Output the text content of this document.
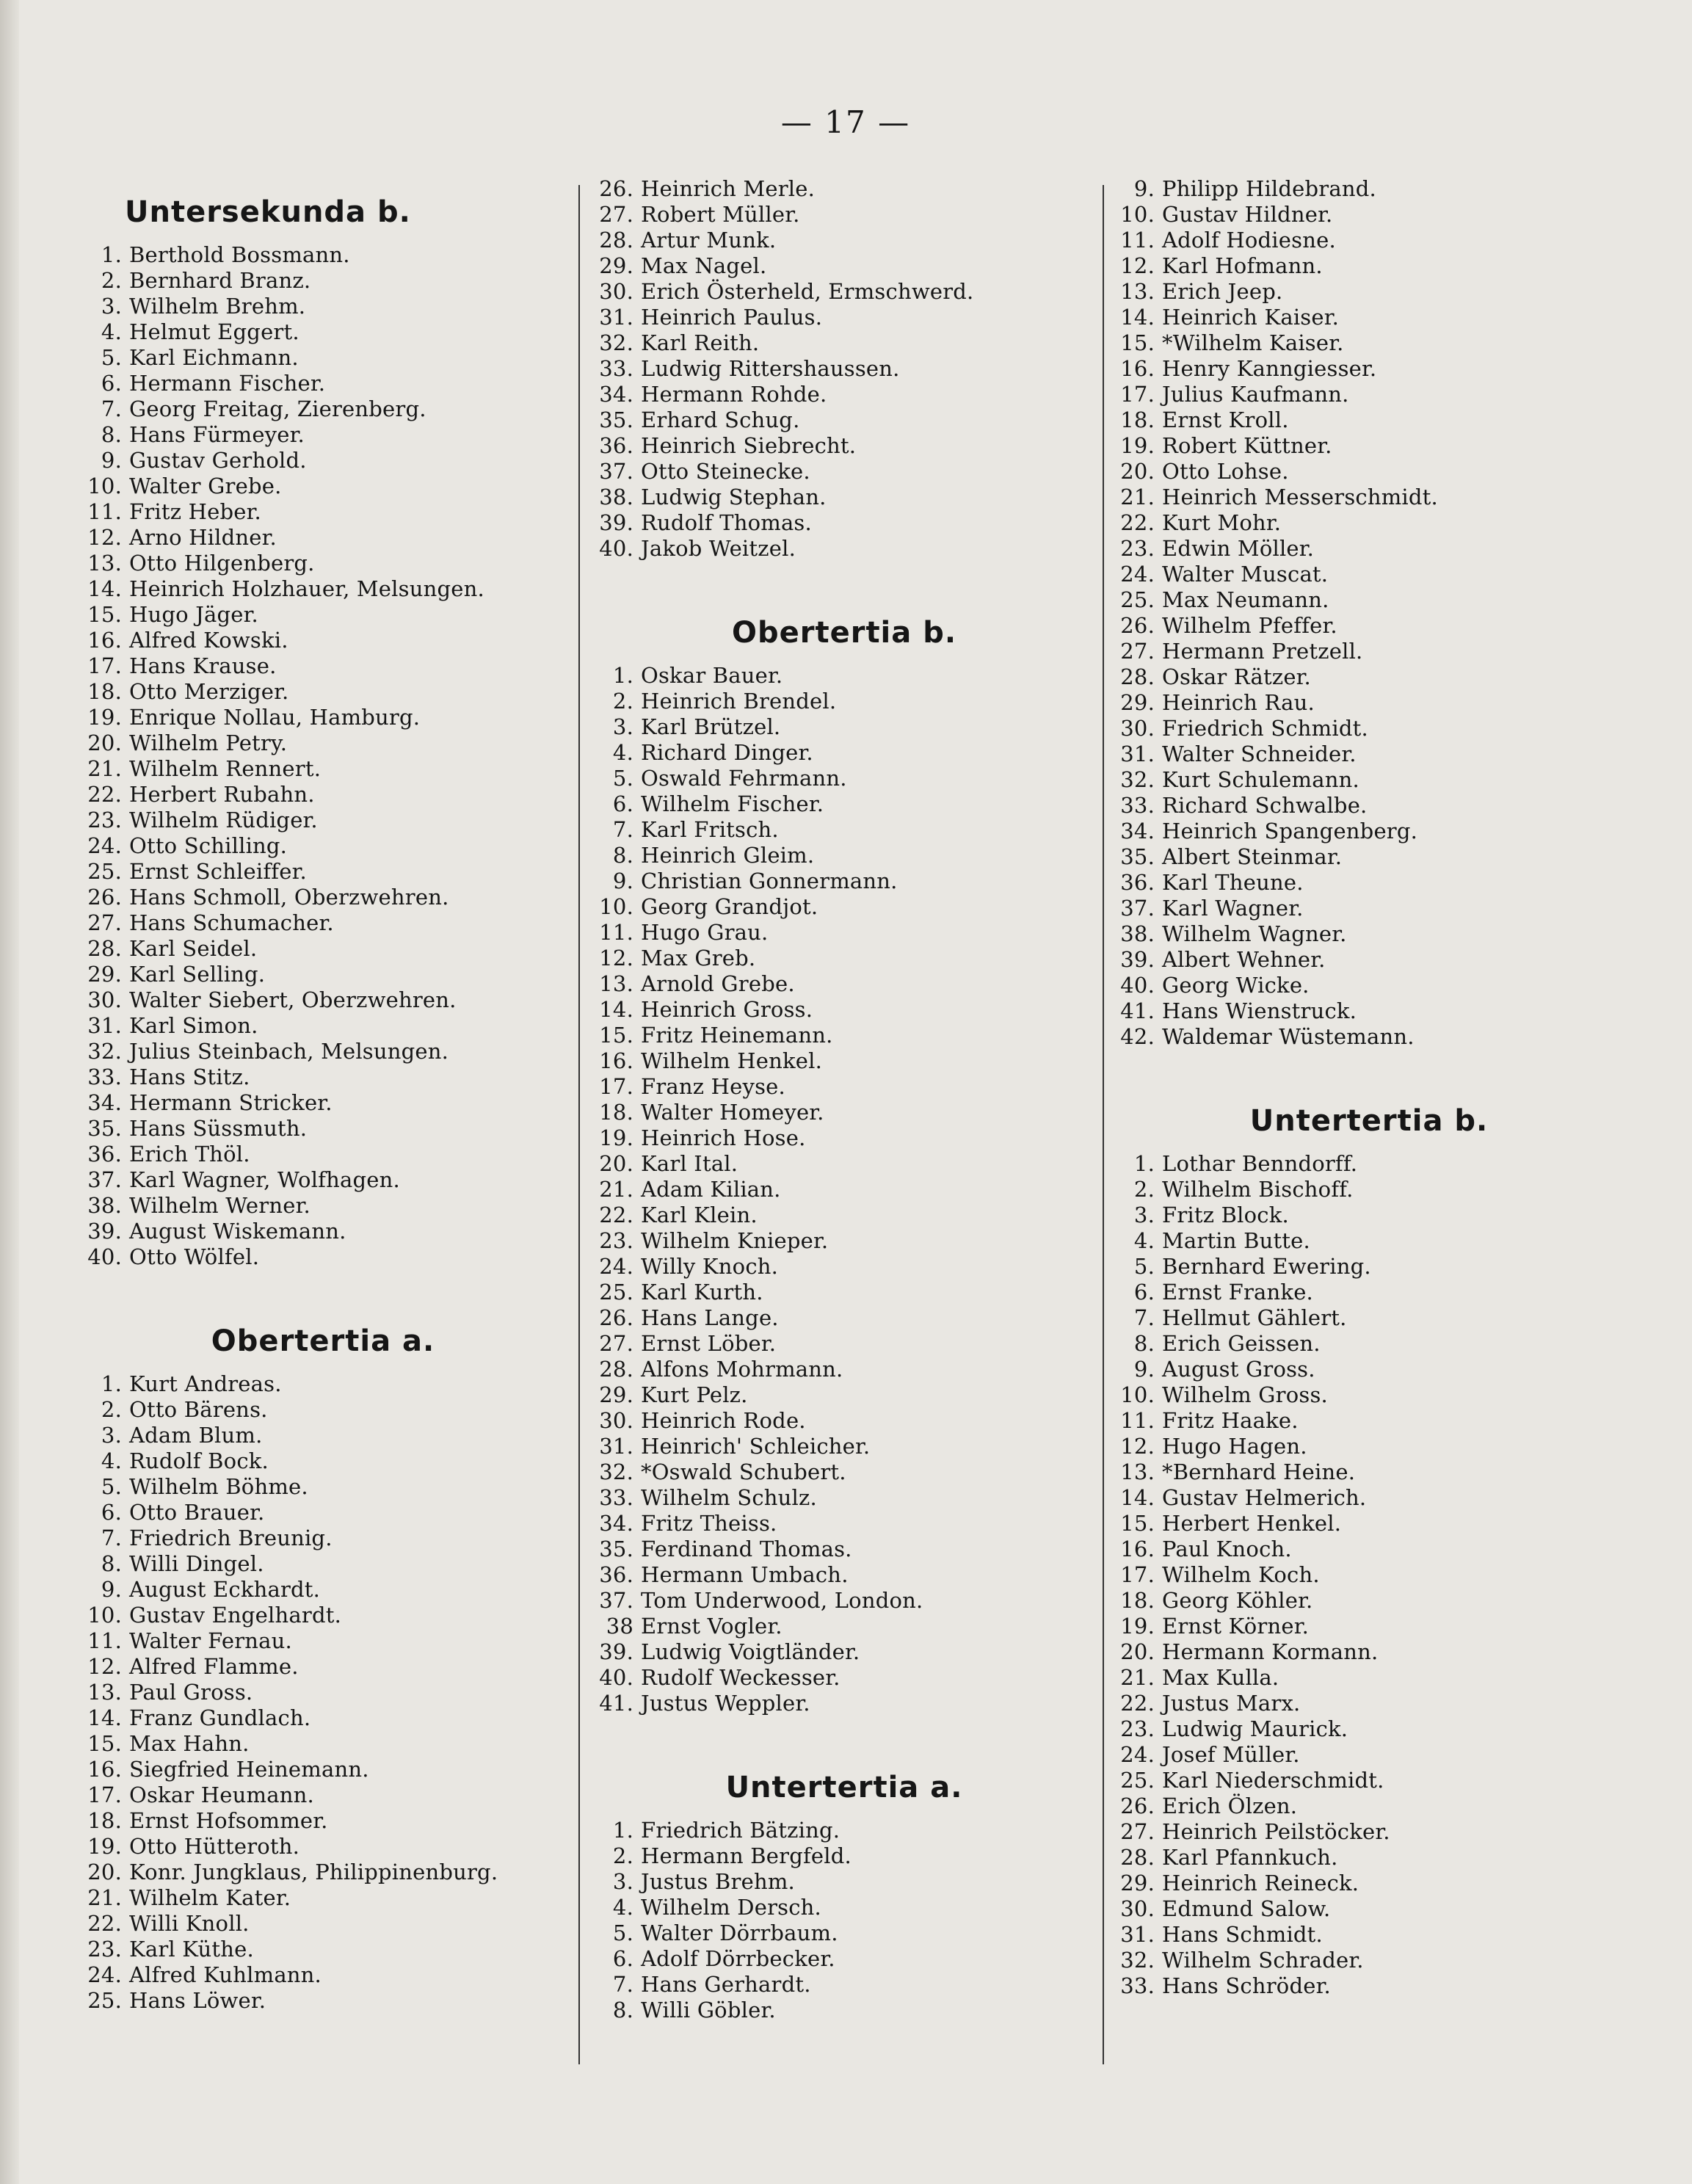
— 17 —
Untersekunda b.
1. Berthold Bossmann.
2. Bernhard Branz.
3. Wilhelm Brehm.
4. Helmut Eggert.
5. Karl Eichmann.
6. Hermann Fischer.
7. Georg Freitag, Zierenberg.
8. Hans Fürmeyer.
9. Gustav Gerhold.
10. Walter Grebe.
11. Fritz Heber.
12. Arno Hildner.
13. Otto Hilgenberg.
14. Heinrich Holzhauer, Melsungen.
15. Hugo Jäger.
16. Alfred Kowski.
17. Hans Krause.
18. Otto Merziger.
19. Enrique Nollau, Hamburg.
20. Wilhelm Petry.
21. Wilhelm Rennert.
22. Herbert Rubahn.
23. Wilhelm Rüdiger.
24. Otto Schilling.
25. Ernst Schleiffer.
26. Hans Schmoll, Oberzwehren.
27. Hans Schumacher.
28. Karl Seidel.
29. Karl Selling.
30. Walter Siebert, Oberzwehren.
31. Karl Simon.
32. Julius Steinbach, Melsungen.
33. Hans Stitz.
34. Hermann Stricker.
35. Hans Süssmuth.
36. Erich Thöl.
37. Karl Wagner, Wolfhagen.
38. Wilhelm Werner.
39. August Wiskemann.
40. Otto Wölfel.
Obertertia a.
1. Kurt Andreas.
2. Otto Bärens.
3. Adam Blum.
4. Rudolf Bock.
5. Wilhelm Böhme.
6. Otto Brauer.
7. Friedrich Breunig.
8. Willi Dingel.
9. August Eckhardt.
10. Gustav Engelhardt.
11. Walter Fernau.
12. Alfred Flamme.
13. Paul Gross.
14. Franz Gundlach.
15. Max Hahn.
16. Siegfried Heinemann.
17. Oskar Heumann.
18. Ernst Hofsommer.
19. Otto Hütteroth.
20. Konr. Jungklaus, Philippinenburg.
21. Wilhelm Kater.
22. Willi Knoll.
23. Karl Küthe.
24. Alfred Kuhlmann.
25. Hans Löwer.
26. Heinrich Merle.
27. Robert Müller.
28. Artur Munk.
29. Max Nagel.
30. Erich Österheld, Ermschwerd.
31. Heinrich Paulus.
32. Karl Reith.
33. Ludwig Rittershaussen.
34. Hermann Rohde.
35. Erhard Schug.
36. Heinrich Siebrecht.
37. Otto Steinecke.
38. Ludwig Stephan.
39. Rudolf Thomas.
40. Jakob Weitzel.
Obertertia b.
1. Oskar Bauer.
2. Heinrich Brendel.
3. Karl Brützel.
4. Richard Dinger.
5. Oswald Fehrmann.
6. Wilhelm Fischer.
7. Karl Fritsch.
8. Heinrich Gleim.
9. Christian Gonnermann.
10. Georg Grandjot.
11. Hugo Grau.
12. Max Greb.
13. Arnold Grebe.
14. Heinrich Gross.
15. Fritz Heinemann.
16. Wilhelm Henkel.
17. Franz Heyse.
18. Walter Homeyer.
19. Heinrich Hose.
20. Karl Ital.
21. Adam Kilian.
22. Karl Klein.
23. Wilhelm Knieper.
24. Willy Knoch.
25. Karl Kurth.
26. Hans Lange.
27. Ernst Löber.
28. Alfons Mohrmann.
29. Kurt Pelz.
30. Heinrich Rode.
31. Heinrich' Schleicher.
32. *Oswald Schubert.
33. Wilhelm Schulz.
34. Fritz Theiss.
35. Ferdinand Thomas.
36. Hermann Umbach.
37. Tom Underwood, London.
38 Ernst Vogler.
39. Ludwig Voigtländer.
40. Rudolf Weckesser.
41. Justus Weppler.
Untertertia a.
1. Friedrich Bätzing.
2. Hermann Bergfeld.
3. Justus Brehm.
4. Wilhelm Dersch.
5. Walter Dörrbaum.
6. Adolf Dörrbecker.
7. Hans Gerhardt.
8. Willi Göbler.
9. Philipp Hildebrand.
10. Gustav Hildner.
11. Adolf Hodiesne.
12. Karl Hofmann.
13. Erich Jeep.
14. Heinrich Kaiser.
15. *Wilhelm Kaiser.
16. Henry Kanngiesser.
17. Julius Kaufmann.
18. Ernst Kroll.
19. Robert Küttner.
20. Otto Lohse.
21. Heinrich Messerschmidt.
22. Kurt Mohr.
23. Edwin Möller.
24. Walter Muscat.
25. Max Neumann.
26. Wilhelm Pfeffer.
27. Hermann Pretzell.
28. Oskar Rätzer.
29. Heinrich Rau.
30. Friedrich Schmidt.
31. Walter Schneider.
32. Kurt Schulemann.
33. Richard Schwalbe.
34. Heinrich Spangenberg.
35. Albert Steinmar.
36. Karl Theune.
37. Karl Wagner.
38. Wilhelm Wagner.
39. Albert Wehner.
40. Georg Wicke.
41. Hans Wienstruck.
42. Waldemar Wüstemann.
Untertertia b.
1. Lothar Benndorff.
2. Wilhelm Bischoff.
3. Fritz Block.
4. Martin Butte.
5. Bernhard Ewering.
6. Ernst Franke.
7. Hellmut Gählert.
8. Erich Geissen.
9. August Gross.
10. Wilhelm Gross.
11. Fritz Haake.
12. Hugo Hagen.
13. *Bernhard Heine.
14. Gustav Helmerich.
15. Herbert Henkel.
16. Paul Knoch.
17. Wilhelm Koch.
18. Georg Köhler.
19. Ernst Körner.
20. Hermann Kormann.
21. Max Kulla.
22. Justus Marx.
23. Ludwig Maurick.
24. Josef Müller.
25. Karl Niederschmidt.
26. Erich Ölzen.
27. Heinrich Peilstöcker.
28. Karl Pfannkuch.
29. Heinrich Reineck.
30. Edmund Salow.
31. Hans Schmidt.
32. Wilhelm Schrader.
33. Hans Schröder.
